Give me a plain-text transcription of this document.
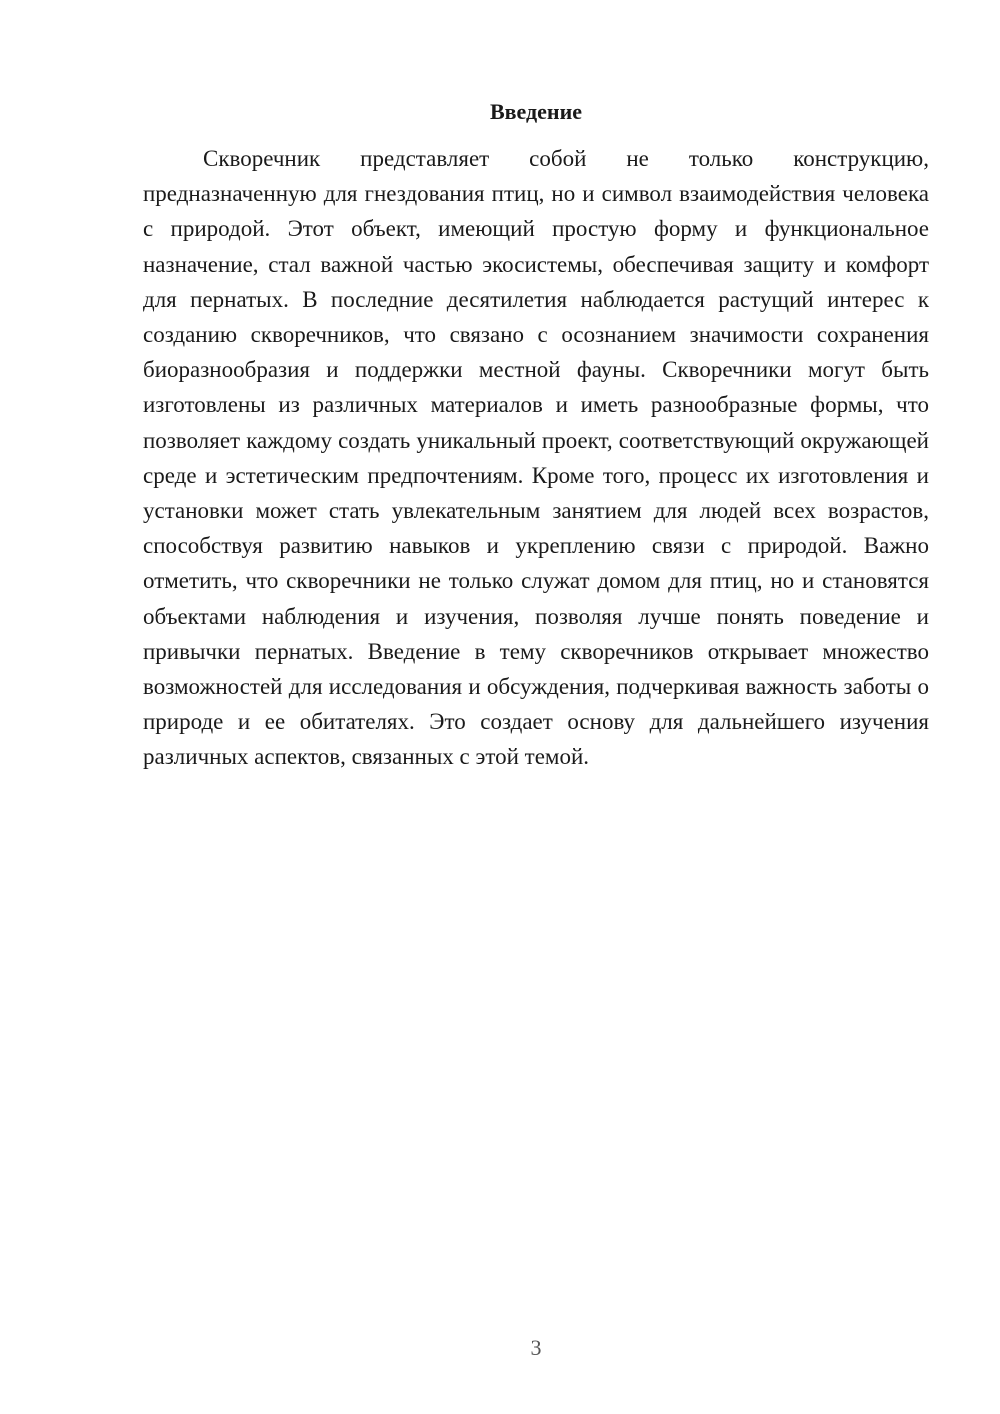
Введение

Скворечник представляет собой не только конструкцию, предназначенную для гнездования птиц, но и символ взаимодействия человека с природой. Этот объект, имеющий простую форму и функциональное назначение, стал важной частью экосистемы, обеспечивая защиту и комфорт для пернатых. В последние десятилетия наблюдается растущий интерес к созданию скворечников, что связано с осознанием значимости сохранения биоразнообразия и поддержки местной фауны. Скворечники могут быть изготовлены из различных материалов и иметь разнообразные формы, что позволяет каждому создать уникальный проект, соответствующий окружающей среде и эстетическим предпочтениям. Кроме того, процесс их изготовления и установки может стать увлекательным занятием для людей всех возрастов, способствуя развитию навыков и укреплению связи с природой. Важно отметить, что скворечники не только служат домом для птиц, но и становятся объектами наблюдения и изучения, позволяя лучше понять поведение и привычки пернатых. Введение в тему скворечников открывает множество возможностей для исследования и обсуждения, подчеркивая важность заботы о природе и ее обитателях. Это создает основу для дальнейшего изучения различных аспектов, связанных с этой темой.

3
